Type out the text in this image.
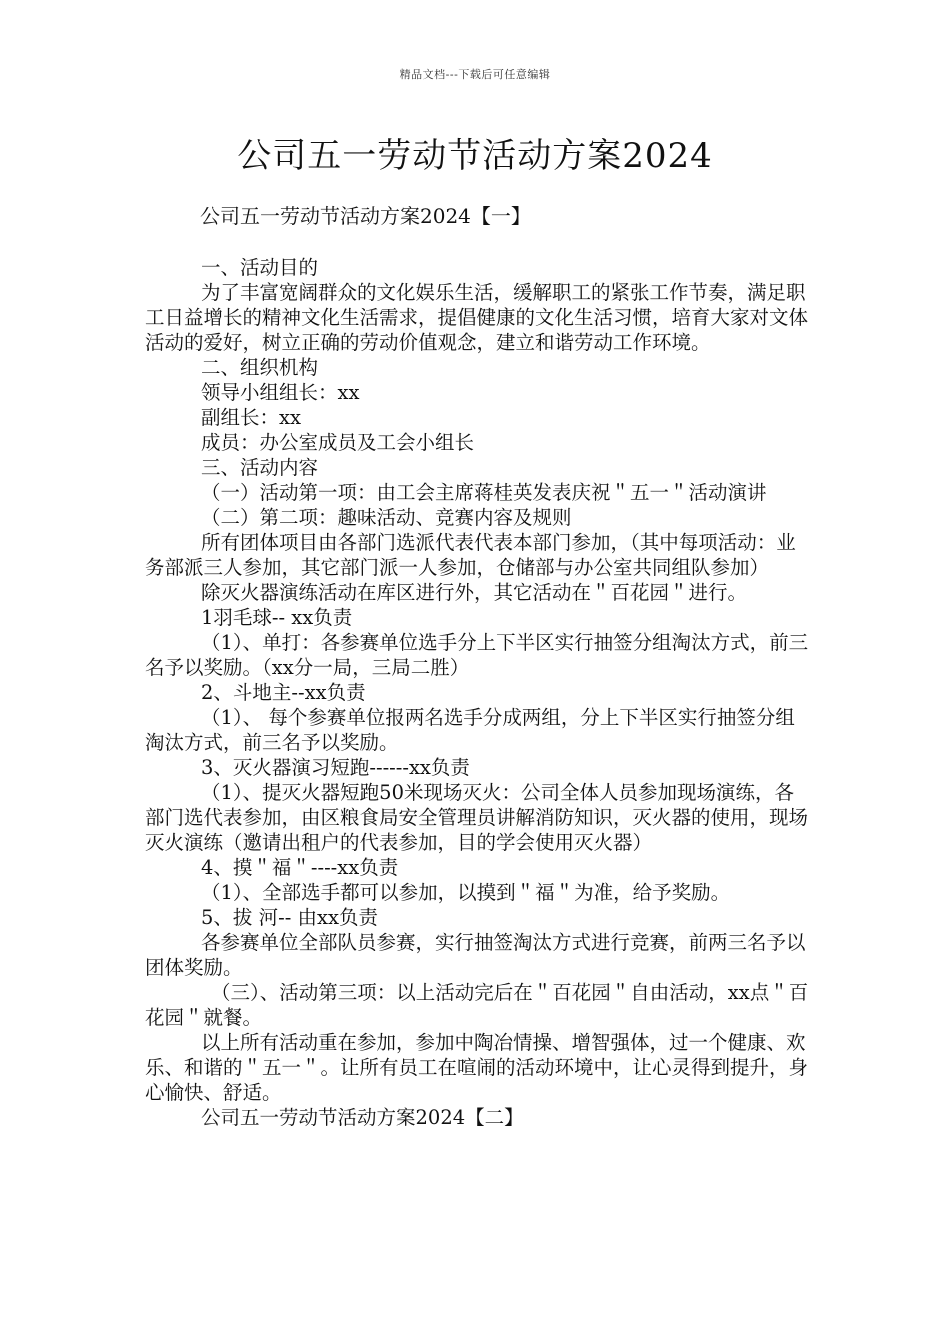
精品文档---下载后可任意编辑
公司五一劳动节活动方案2024
公司五一劳动节活动方案2024【一】

一、活动目的

为了丰富宽阔群众的文化娱乐生活，缓解职工的紧张工作节奏，满足职工日益增长的精神文化生活需求，提倡健康的文化生活习惯，培育大家对文体活动的爱好，树立正确的劳动价值观念，建立和谐劳动工作环境。

二、组织机构

领导小组组长：xx

副组长：xx

成员：办公室成员及工会小组长

三、活动内容

（一）活动第一项：由工会主席蒋桂英发表庆祝＂五一＂活动演讲

（二）第二项：趣味活动、竞赛内容及规则

所有团体项目由各部门选派代表代表本部门参加，（其中每项活动：业务部派三人参加，其它部门派一人参加，仓储部与办公室共同组队参加）

除灭火器演练活动在库区进行外，其它活动在＂百花园＂进行。

1羽毛球-- xx负责

（1）、单打：各参赛单位选手分上下半区实行抽签分组淘汰方式，前三名予以奖励。（xx分一局，三局二胜）

2、斗地主--xx负责

（1）、 每个参赛单位报两名选手分成两组，分上下半区实行抽签分组淘汰方式，前三名予以奖励。

3、灭火器演习短跑------xx负责

（1）、提灭火器短跑50米现场灭火：公司全体人员参加现场演练，各部门选代表参加，由区粮食局安全管理员讲解消防知识，灭火器的使用，现场灭火演练（邀请出租户的代表参加，目的学会使用灭火器）

4、摸＂福＂----xx负责

（1）、全部选手都可以参加，以摸到＂福＂为准，给予奖励。

5、拔 河-- 由xx负责

各参赛单位全部队员参赛，实行抽签淘汰方式进行竞赛，前两三名予以团体奖励。

（三）、活动第三项：以上活动完后在＂百花园＂自由活动，xx点＂百花园＂就餐。

以上所有活动重在参加，参加中陶冶情操、增智强体，过一个健康、欢乐、和谐的＂五一＂。让所有员工在喧闹的活动环境中，让心灵得到提升，身心愉快、舒适。

公司五一劳动节活动方案2024【二】
